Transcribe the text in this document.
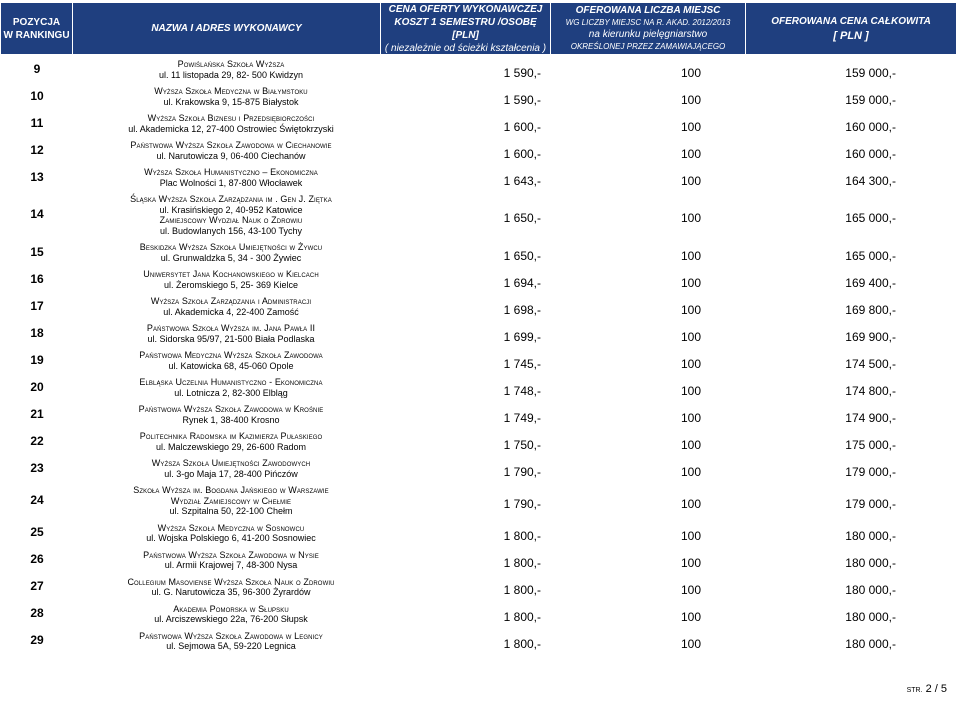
POZYCJA
W RANKINGU
NAZWA I ADRES WYKONAWCY
CENA OFERTY WYKONAWCZEJ
KOSZT 1 SEMESTRU /OSOBĘ [PLN]
( niezależnie od ścieżki kształcenia )
OFEROWANA LICZBA MIEJSC
WG LICZBY MIEJSC NA R. AKAD. 2012/2013
na kierunku pielęgniarstwo
OKREŚLONEJ PRZEZ ZAMAWIAJĄCEGO
OFEROWANA CENA CAŁKOWITA
[ PLN ]
9	Powiślańska Szkoła Wyższa
ul. 11 listopada 29, 82- 500 Kwidzyn	1 590,-	100	159 000,-
10	Wyższa Szkoła Medyczna w Białymstoku
ul. Krakowska 9, 15-875 Białystok	1 590,-	100	159 000,-
11	Wyższa Szkoła Biznesu i Przedsiębiorczości
ul. Akademicka 12, 27-400 Ostrowiec Świętokrzyski	1 600,-	100	160 000,-
12	Państwowa Wyższa Szkoła Zawodowa w Ciechanowie
ul. Narutowicza 9, 06-400 Ciechanów	1 600,-	100	160 000,-
13	Wyższa Szkoła Humanistyczno – Ekonomiczna
Plac Wolności 1, 87-800 Włocławek	1 643,-	100	164 300,-
14
Śląska Wyższa Szkoła Zarządzania im . Gen J. Ziętka
ul. Krasińskiego 2, 40-952 Katowice
Zamiejscowy Wydział Nauk o Zdrowiu
ul. Budowlanych 156, 43-100 Tychy
1 650,-	100	165 000,-
15	Beskidzka Wyższa Szkoła Umiejętności w Żywcu
ul. Grunwaldzka 5, 34 - 300 Żywiec	1 650,-	100	165 000,-
16	Uniwersytet Jana Kochanowskiego w Kielcach
ul. Żeromskiego 5, 25- 369 Kielce	1 694,-	100	169 400,-
17	Wyższa Szkoła Zarządzania i Administracji
ul. Akademicka 4, 22-400 Zamość	1 698,-	100	169 800,-
18	Państwowa Szkoła Wyższa im. Jana Pawła II
ul. Sidorska 95/97, 21-500 Biała Podlaska	1 699,-	100	169 900,-
19	Państwowa Medyczna Wyższa Szkoła Zawodowa
ul. Katowicka 68, 45-060 Opole	1 745,-	100	174 500,-
20	Elbląska Uczelnia Humanistyczno - Ekonomiczna
ul. Lotnicza 2, 82-300 Elbląg	1 748,-	100	174 800,-
21	Państwowa Wyższa Szkoła Zawodowa w Krośnie
Rynek 1, 38-400 Krosno	1 749,-	100	174 900,-
22	Politechnika Radomska im Kazimierza Pułaskiego
ul. Malczewskiego 29, 26-600 Radom	1 750,-	100	175 000,-
23	Wyższa Szkoła Umiejętności Zawodowych
ul. 3-go Maja 17, 28-400 Pińczów	1 790,-	100	179 000,-
24
Szkoła Wyższa im. Bogdana Jańskiego w Warszawie
Wydział Zamiejscowy w Chełmie
ul. Szpitalna 50, 22-100 Chełm
1 790,-	100	179 000,-
25	Wyższa Szkoła Medyczna w Sosnowcu
ul. Wojska Polskiego 6, 41-200 Sosnowiec	1 800,-	100	180 000,-
26	Państwowa Wyższa Szkoła Zawodowa w Nysie
ul. Armii Krajowej 7, 48-300 Nysa	1 800,-	100	180 000,-
27	Collegium Masoviense Wyższa Szkoła Nauk o Zdrowiu
ul. G. Narutowicza 35, 96-300 Żyrardów	1 800,-	100	180 000,-
28	Akademia Pomorska w Słupsku
ul. Arciszewskiego 22a, 76-200 Słupsk	1 800,-	100	180 000,-
29	Państwowa Wyższa Szkoła Zawodowa w Legnicy
ul. Sejmowa 5A, 59-220 Legnica	1 800,-	100	180 000,-
STR. 2 / 5
